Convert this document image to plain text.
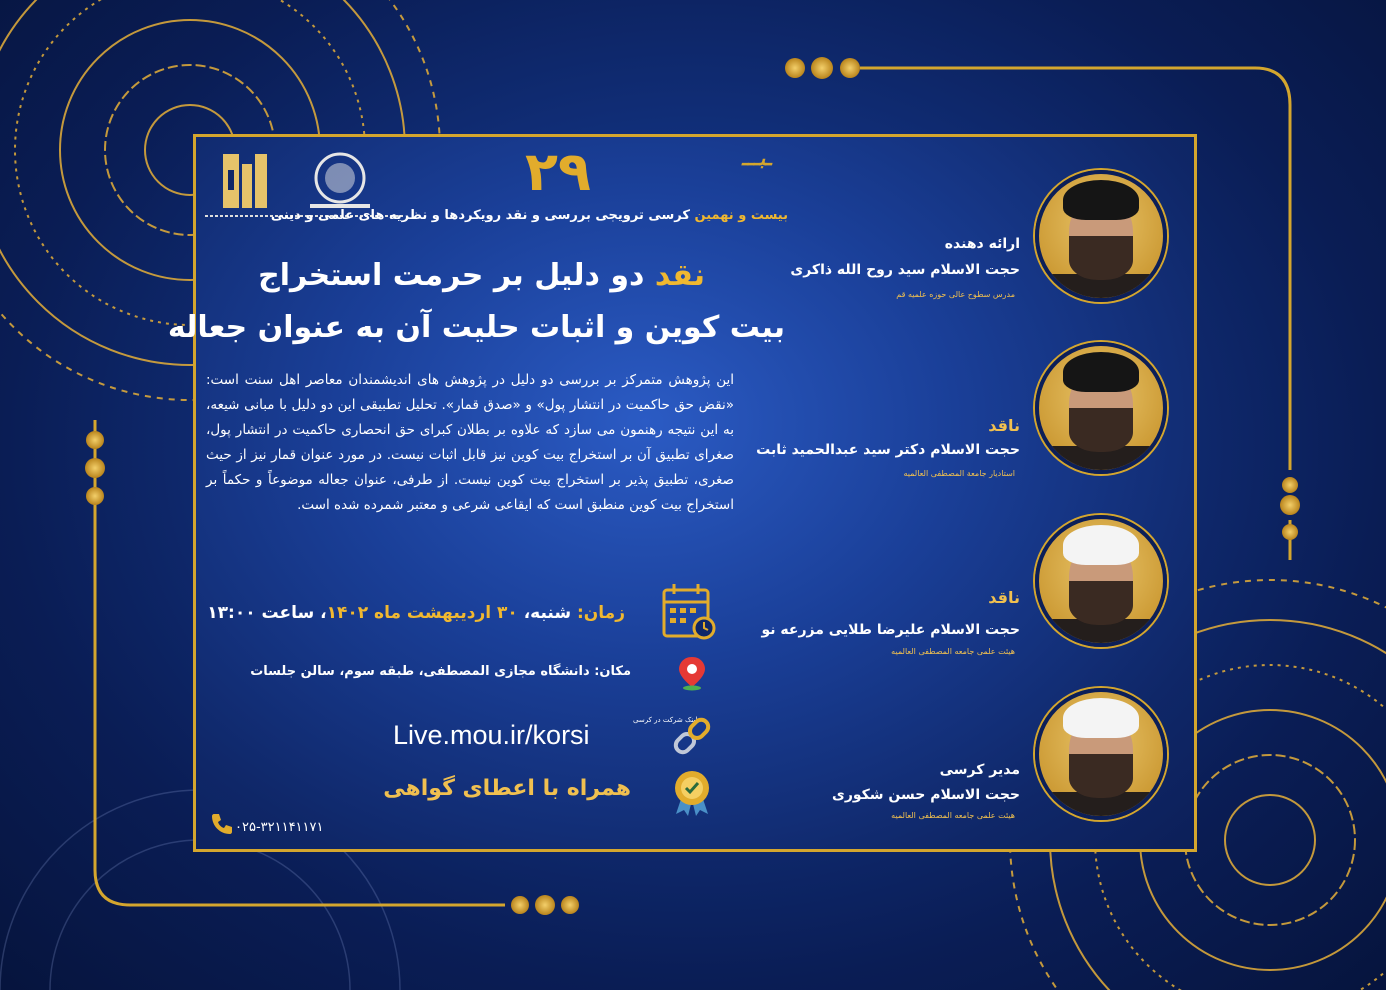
ـبـــ
۲۹
بیست و نهمین کرسی ترویجی بررسی و نقد رویکردها و نظریه های علمی و دینی
نقد دو دلیل بر حرمت استخراج
بیت کوین و اثبات حلیت آن به عنوان جعاله
این پژوهش متمرکز بر بررسی دو دلیل در پژوهش های اندیشمندان معاصر اهل سنت است: «نقض حق حاکمیت در انتشار پول» و «صدق قمار». تحلیل تطبیقی این دو دلیل با مبانی شیعه، به این نتیجه رهنمون می سازد که علاوه بر بطلان کبرای حق انحصاری حاکمیت در انتشار پول، صغرای تطبیق آن بر استخراج بیت کوین نیز قابل اثبات نیست. در مورد عنوان قمار نیز از حیث صغری، تطبیق پذیر بر استخراج بیت کوین نیست. از طرفی، عنوان جعاله موضوعاً و حکماً بر استخراج بیت کوین منطبق است که ایقاعی شرعی و معتبر شمرده شده است.
زمان: شنبه، ۳۰ اردیبهشت ماه ۱۴۰۲، ساعت ۱۳:۰۰
مکان: دانشگاه مجازی المصطفی، طبقه سوم، سالن جلسات
لینک شرکت در کرسی
Live.mou.ir/korsi
همراه با اعطای گواهی
۰۲۵-۳۲۱۱۴۱۱۷۱
ارائه دهنده
حجت الاسلام سید روح الله ذاکری
مدرس سطوح عالی حوزه علمیه قم
ناقد
حجت الاسلام دکتر سید عبدالحمید ثابت
استادیار جامعة المصطفی العالمیه
ناقد
حجت الاسلام علیرضا طلایی مزرعه نو
هیئت علمی جامعه المصطفی العالمیه
مدیر کرسی
حجت الاسلام حسن شکوری
هیئت علمی جامعه المصطفی العالمیه
